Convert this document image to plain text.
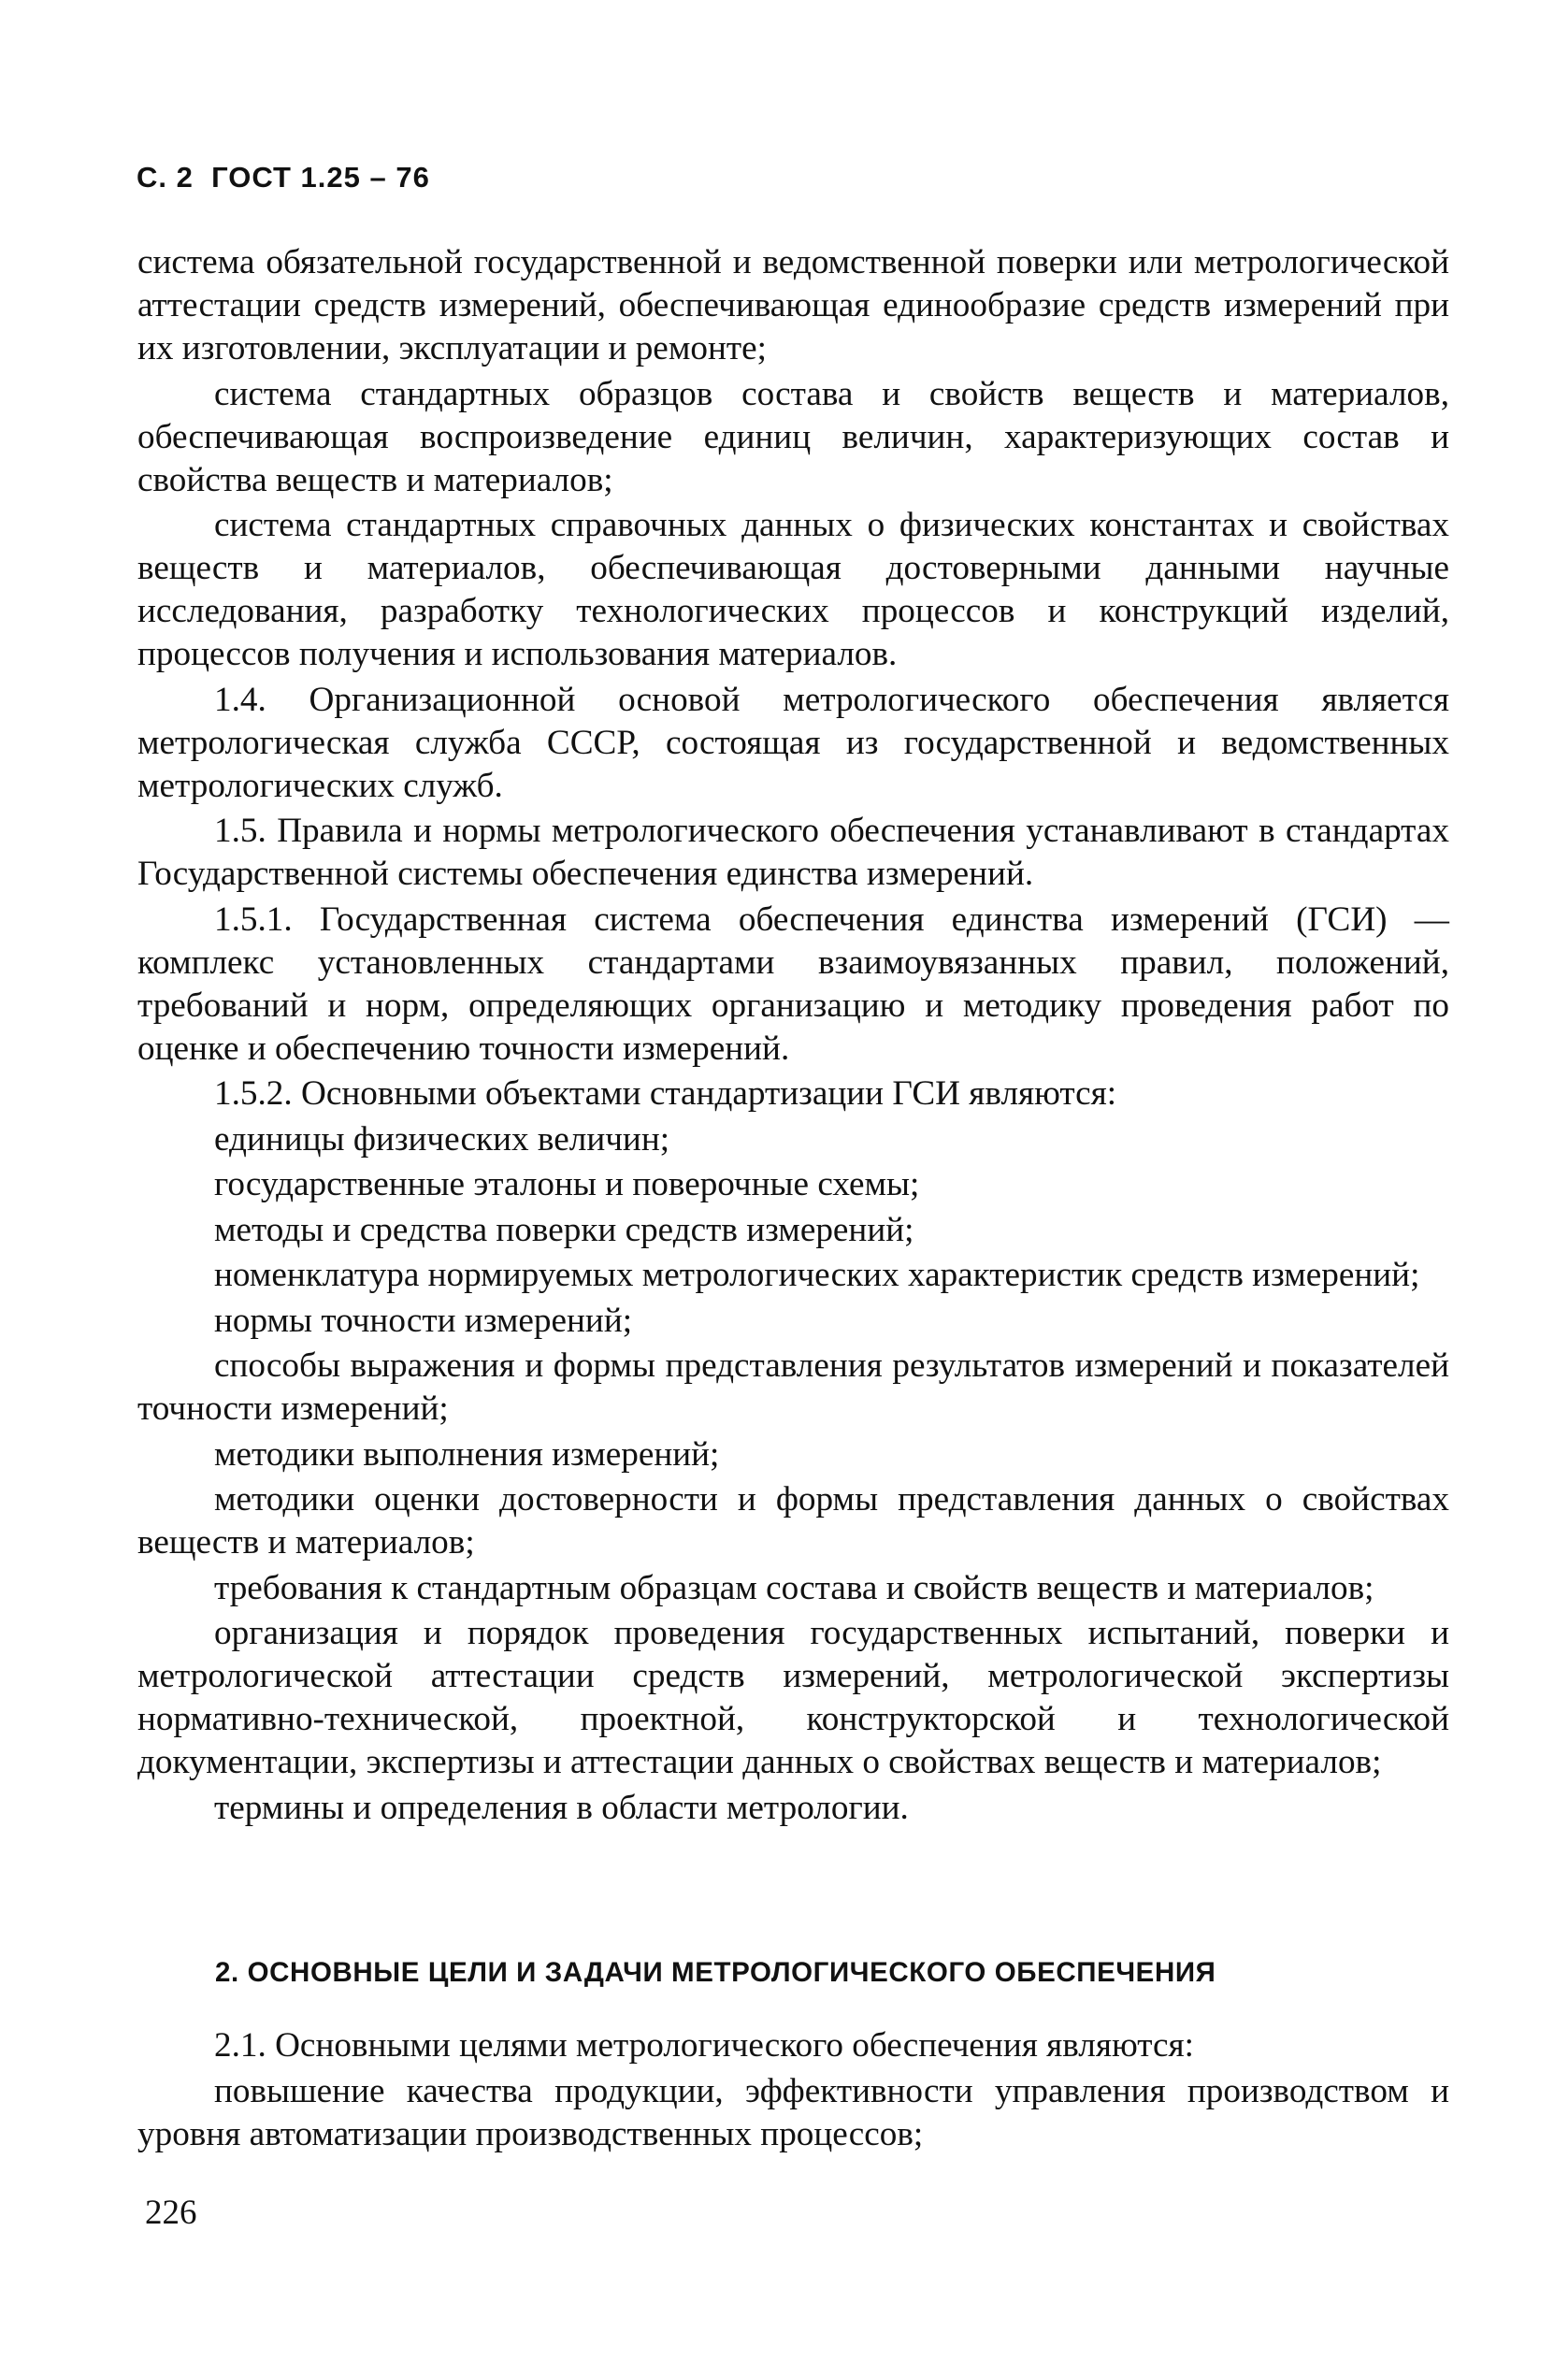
С. 2  ГОСТ 1.25 – 76

система обязательной государственной и ведомственной поверки или метрологической аттестации средств измерений, обеспечивающая единообразие средств измерений при их изготовлении, эксплуатации и ремонте;

система стандартных образцов состава и свойств веществ и материалов, обеспечивающая воспроизведение единиц величин, характеризующих состав и свойства веществ и материалов;

система стандартных справочных данных о физических константах и свойствах веществ и материалов, обеспечивающая достоверными данными научные исследования, разработку технологических процессов и конструкций изделий, процессов получения и использования материалов.

1.4. Организационной основой метрологического обеспечения является метрологическая служба СССР, состоящая из государственной и ведомственных метрологических служб.

1.5. Правила и нормы метрологического обеспечения устанавливают в стандартах Государственной системы обеспечения единства измерений.

1.5.1. Государственная система обеспечения единства измерений (ГСИ) — комплекс установленных стандартами взаимоувязанных правил, положений, требований и норм, определяющих организацию и методику проведения работ по оценке и обеспечению точности измерений.

1.5.2. Основными объектами стандартизации ГСИ являются:

единицы физических величин;

государственные эталоны и поверочные схемы;

методы и средства поверки средств измерений;

номенклатура нормируемых метрологических характеристик средств измерений;

нормы точности измерений;

способы выражения и формы представления результатов измерений и показателей точности измерений;

методики выполнения измерений;

методики оценки достоверности и формы представления данных о свойствах веществ и материалов;

требования к стандартным образцам состава и свойств веществ и материалов;

организация и порядок проведения государственных испытаний, поверки и метрологической аттестации средств измерений, метрологической экспертизы нормативно-технической, проектной, конструкторской и технологической документации, экспертизы и аттестации данных о свойствах веществ и материалов;

термины и определения в области метрологии.

2. ОСНОВНЫЕ ЦЕЛИ И ЗАДАЧИ МЕТРОЛОГИЧЕСКОГО ОБЕСПЕЧЕНИЯ

2.1. Основными целями метрологического обеспечения являются:

повышение качества продукции, эффективности управления производством и уровня автоматизации производственных процессов;

226
